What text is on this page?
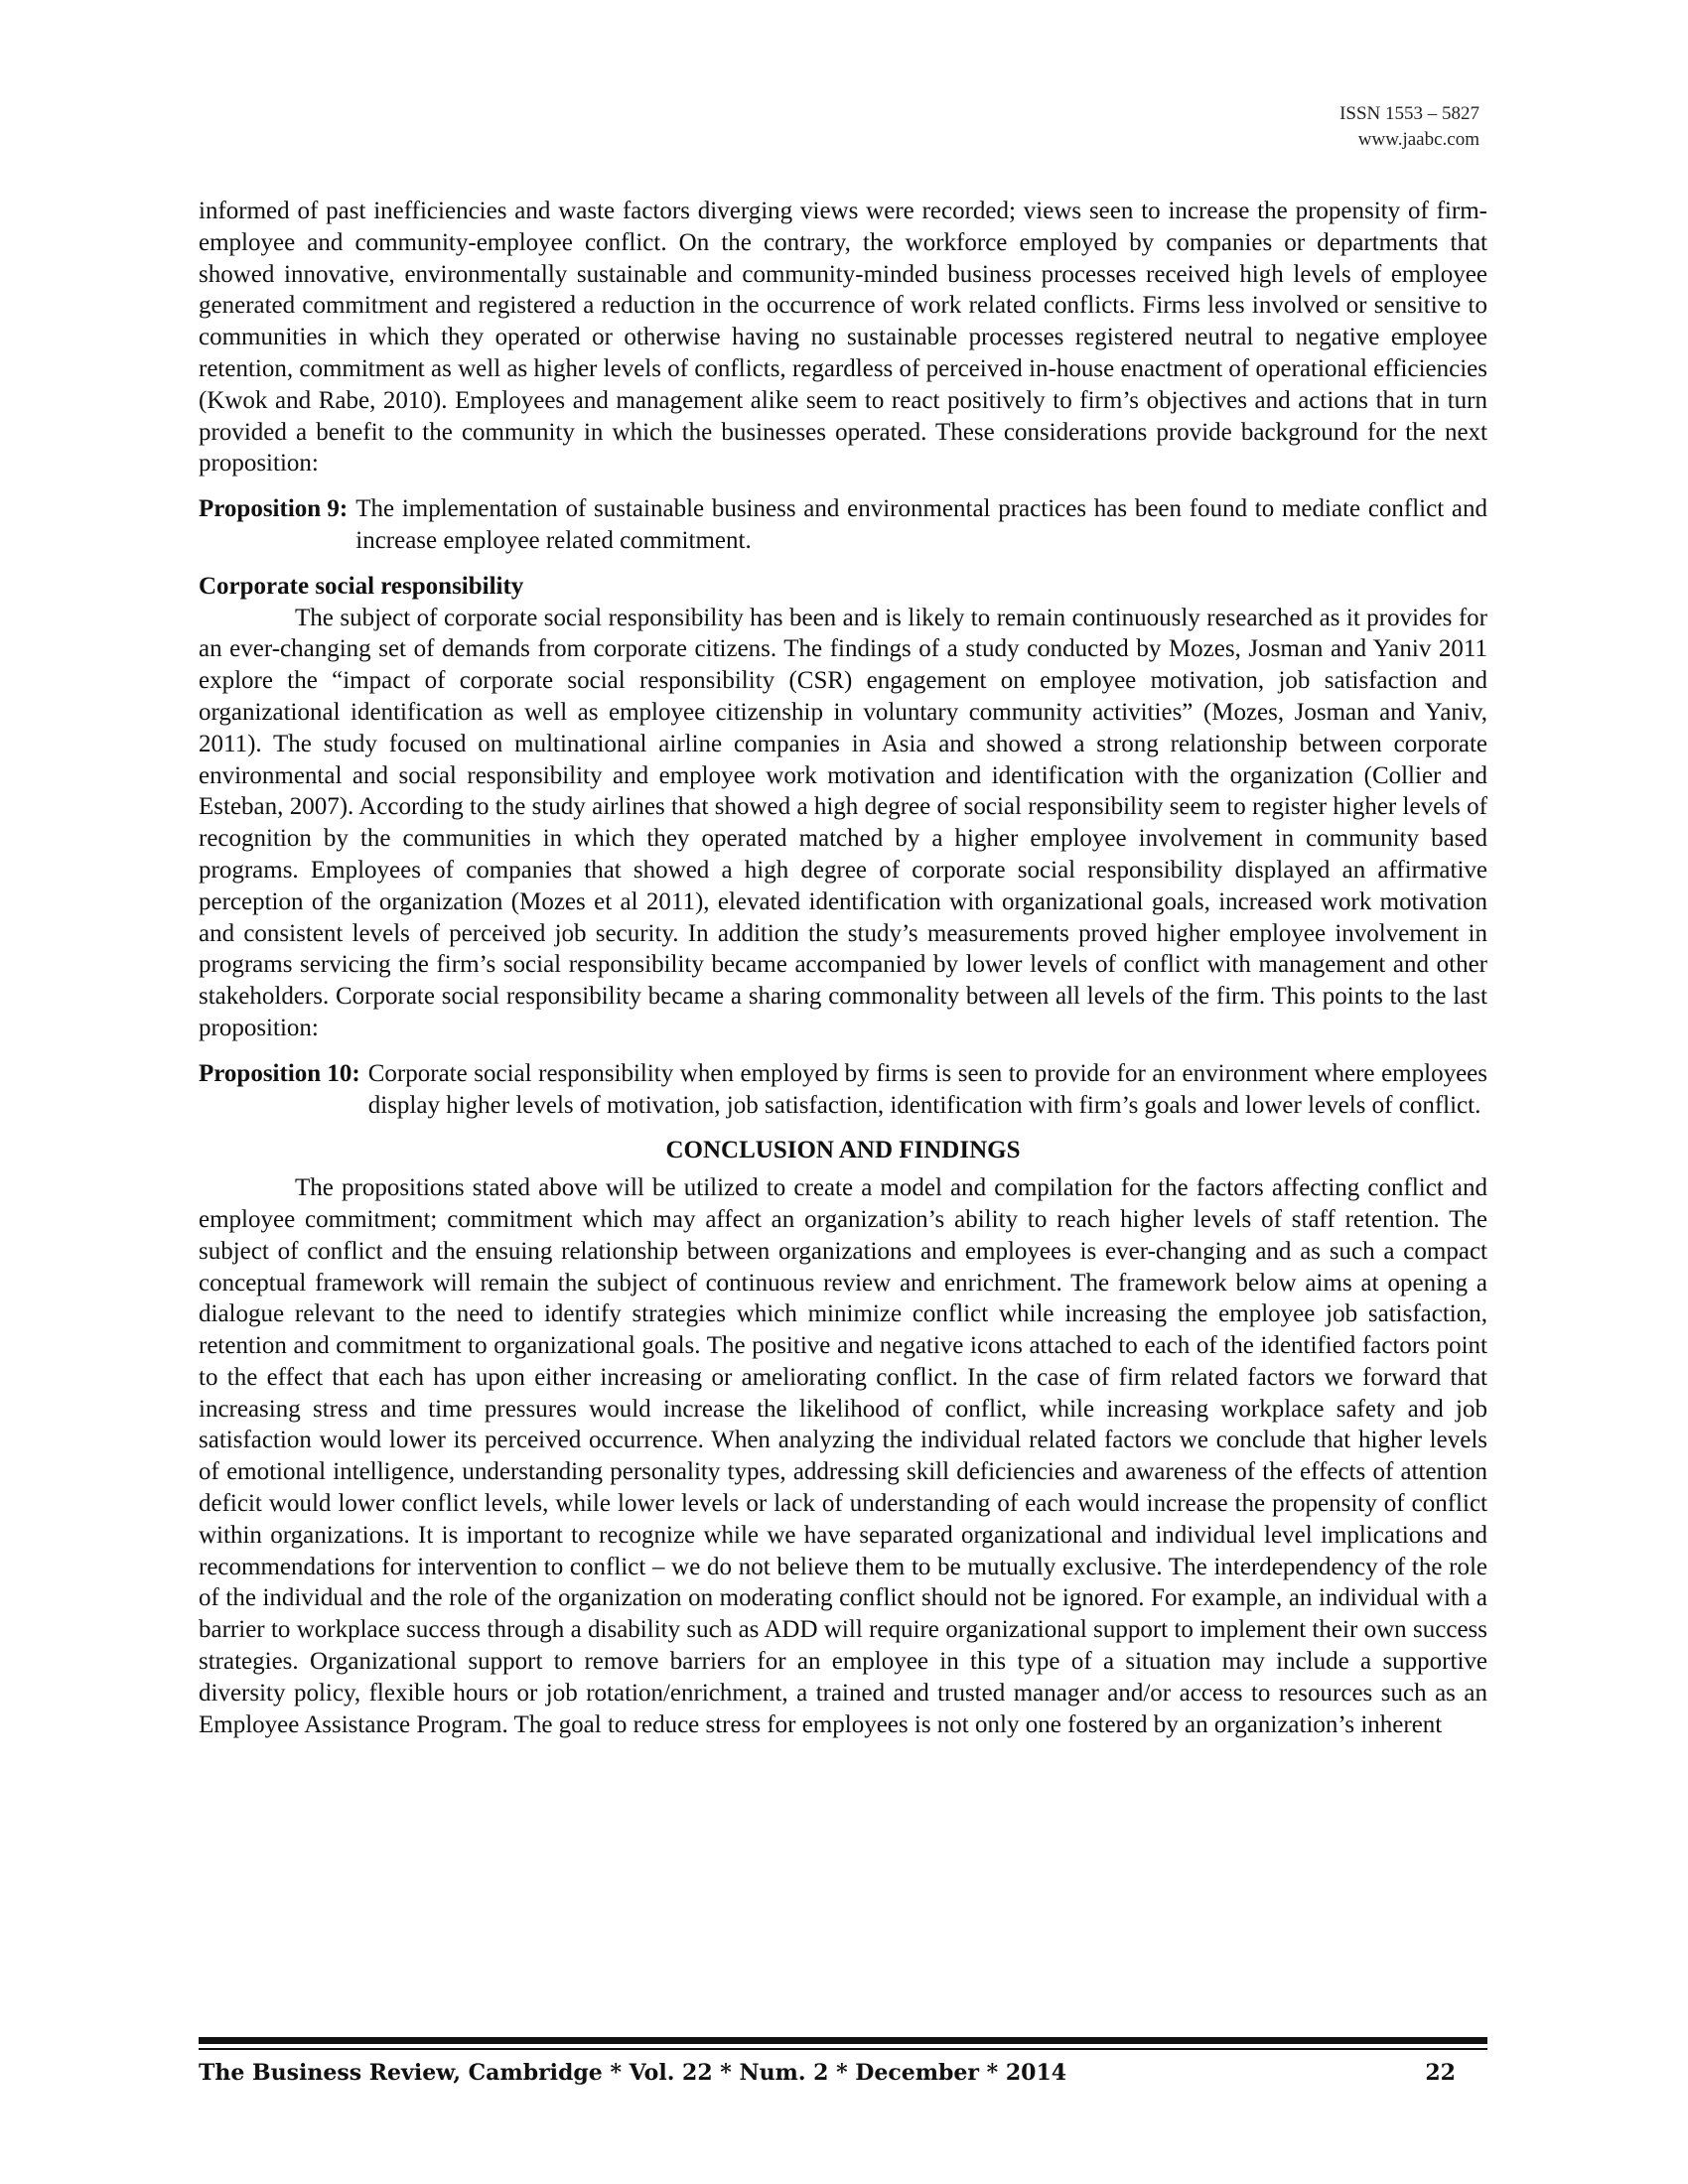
ISSN 1553 – 5827
www.jaabc.com

informed of past inefficiencies and waste factors diverging views were recorded; views seen to increase the propensity of firm-employee and community-employee conflict. On the contrary, the workforce employed by companies or departments that showed innovative, environmentally sustainable and community-minded business processes received high levels of employee generated commitment and registered a reduction in the occurrence of work related conflicts. Firms less involved or sensitive to communities in which they operated or otherwise having no sustainable processes registered neutral to negative employee retention, commitment as well as higher levels of conflicts, regardless of perceived in-house enactment of operational efficiencies (Kwok and Rabe, 2010). Employees and management alike seem to react positively to firm’s objectives and actions that in turn provided a benefit to the community in which the businesses operated. These considerations provide background for the next proposition:

Proposition 9: The implementation of sustainable business and environmental practices has been found to mediate conflict and increase employee related commitment.
Corporate social responsibility

The subject of corporate social responsibility has been and is likely to remain continuously researched as it provides for an ever-changing set of demands from corporate citizens. The findings of a study conducted by Mozes, Josman and Yaniv 2011 explore the “impact of corporate social responsibility (CSR) engagement on employee motivation, job satisfaction and organizational identification as well as employee citizenship in voluntary community activities” (Mozes, Josman and Yaniv, 2011). The study focused on multinational airline companies in Asia and showed a strong relationship between corporate environmental and social responsibility and employee work motivation and identification with the organization (Collier and Esteban, 2007). According to the study airlines that showed a high degree of social responsibility seem to register higher levels of recognition by the communities in which they operated matched by a higher employee involvement in community based programs. Employees of companies that showed a high degree of corporate social responsibility displayed an affirmative perception of the organization (Mozes et al 2011), elevated identification with organizational goals, increased work motivation and consistent levels of perceived job security. In addition the study’s measurements proved higher employee involvement in programs servicing the firm’s social responsibility became accompanied by lower levels of conflict with management and other stakeholders. Corporate social responsibility became a sharing commonality between all levels of the firm. This points to the last proposition:

Proposition 10: Corporate social responsibility when employed by firms is seen to provide for an environment where employees display higher levels of motivation, job satisfaction, identification with firm’s goals and lower levels of conflict.
CONCLUSION AND FINDINGS

The propositions stated above will be utilized to create a model and compilation for the factors affecting conflict and employee commitment; commitment which may affect an organization’s ability to reach higher levels of staff retention. The subject of conflict and the ensuing relationship between organizations and employees is ever-changing and as such a compact conceptual framework will remain the subject of continuous review and enrichment. The framework below aims at opening a dialogue relevant to the need to identify strategies which minimize conflict while increasing the employee job satisfaction, retention and commitment to organizational goals. The positive and negative icons attached to each of the identified factors point to the effect that each has upon either increasing or ameliorating conflict. In the case of firm related factors we forward that increasing stress and time pressures would increase the likelihood of conflict, while increasing workplace safety and job satisfaction would lower its perceived occurrence. When analyzing the individual related factors we conclude that higher levels of emotional intelligence, understanding personality types, addressing skill deficiencies and awareness of the effects of attention deficit would lower conflict levels, while lower levels or lack of understanding of each would increase the propensity of conflict within organizations. It is important to recognize while we have separated organizational and individual level implications and recommendations for intervention to conflict – we do not believe them to be mutually exclusive. The interdependency of the role of the individual and the role of the organization on moderating conflict should not be ignored. For example, an individual with a barrier to workplace success through a disability such as ADD will require organizational support to implement their own success strategies. Organizational support to remove barriers for an employee in this type of a situation may include a supportive diversity policy, flexible hours or job rotation/enrichment, a trained and trusted manager and/or access to resources such as an Employee Assistance Program. The goal to reduce stress for employees is not only one fostered by an organization’s inherent

The Business Review, Cambridge * Vol. 22 * Num. 2 * December * 2014	22
